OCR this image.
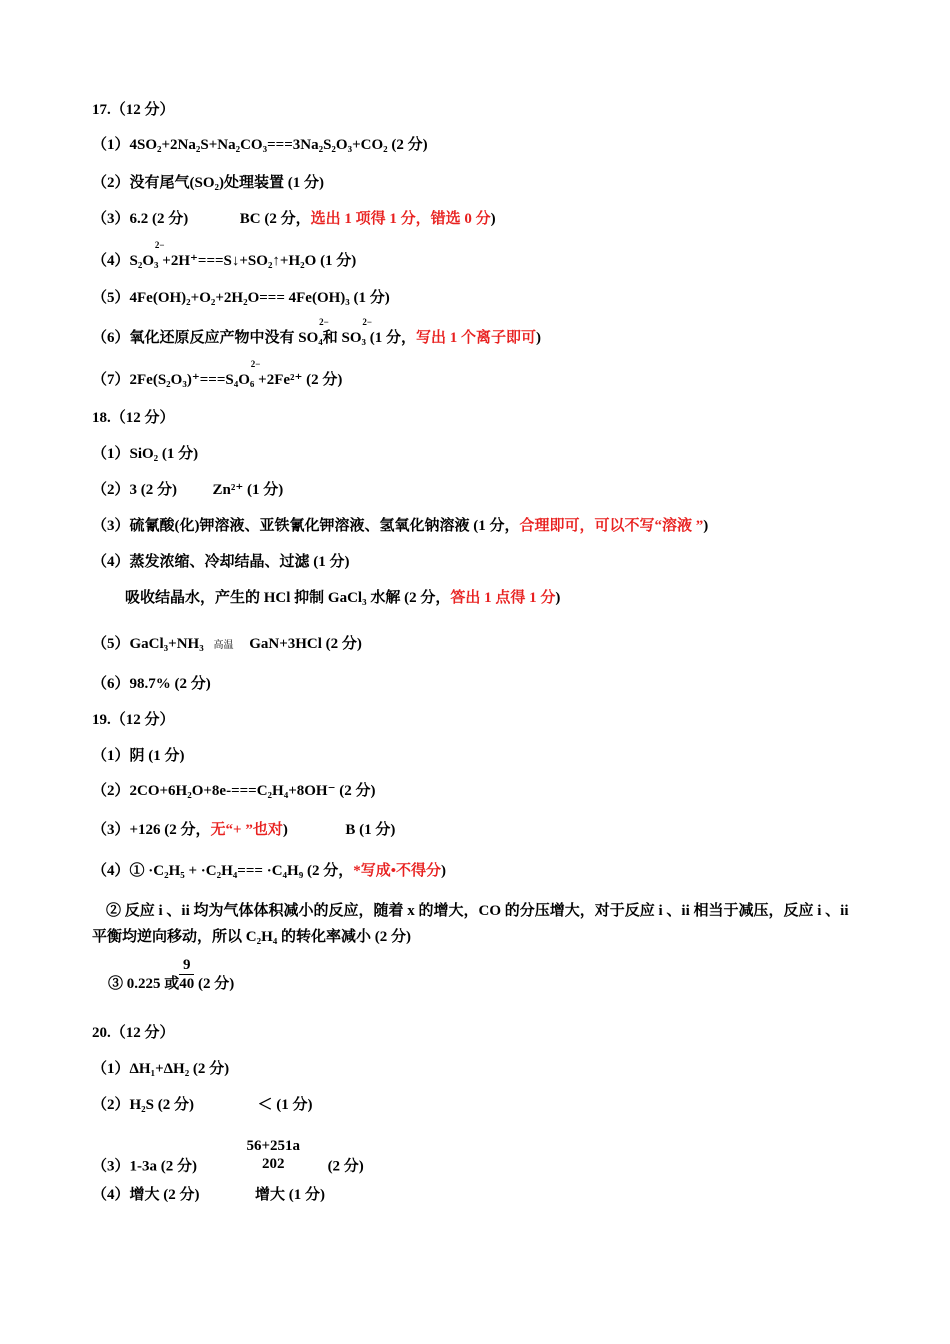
17.（12 分）
（1）4SO₂+2Na₂S+Na₂CO₃===3Na₂S₂O₃+CO₂ (2 分)
（2）没有尾气(SO₂)处理装置 (1 分)
（3）6.2 (2 分)	BC (2 分，选出 1 项得 1 分，错选 0 分)
（4）S₂O₃
2−
+2H⁺===S↓+SO₂↑+H₂O (1 分)
（5）4Fe(OH)₂+O₂+2H₂O=== 4Fe(OH)₃ (1 分)
（6）氧化还原反应产物中没有 SO₄
2−
和 SO₃
2−
(1 分，写出 1 个离子即可)
（7）2Fe(S₂O₃)⁺===S₄O₆
2−
+2Fe²⁺ (2 分)
18.（12 分）
（1）SiO₂ (1 分)
（2）3 (2 分) Zn²⁺ (1 分)
（3）硫氰酸(化)钾溶液、亚铁氰化钾溶液、氢氧化钠溶液 (1 分，合理即可，可以不写“溶液 ”)
（4）蒸发浓缩、冷却结晶、过滤 (1 分)
吸收结晶水，产生的 HCl 抑制 GaCl₃ 水解 (2 分，答出 1 点得 1 分)
（5）GaCl₃+NH₃ 高温 GaN+3HCl (2 分)
（6）98.7% (2 分)
19.（12 分）
（1）阴 (1 分)
（2）2CO+6H₂O+8e-===C₂H₄+8OH⁻ (2 分)
（3）+126 (2 分，无“+ ”也对)	B (1 分)
（4）① ·C₂H₅ + ·C₂H₄=== ·C₄H₉ (2 分，*写成•不得分)
② 反应 i 、ii 均为气体体积减小的反应，随着 x 的增大，CO 的分压增大，对于反应 i 、ii 相当于减压，反应 i 、ii 平衡均逆向移动，所以 C₂H₄ 的转化率减小 (2 分)
③ 0.225 或 $\frac{9}{40} (2$ 分)
20.（12 分）
（1）ΔH₁+ΔH₂ (2 分)
（2）H₂S (2 分)	＜ (1 分)
（3）1-3a (2 分)
56+251a
202	(2 分)
（4）增大 (2 分)	增大 (1 分)
